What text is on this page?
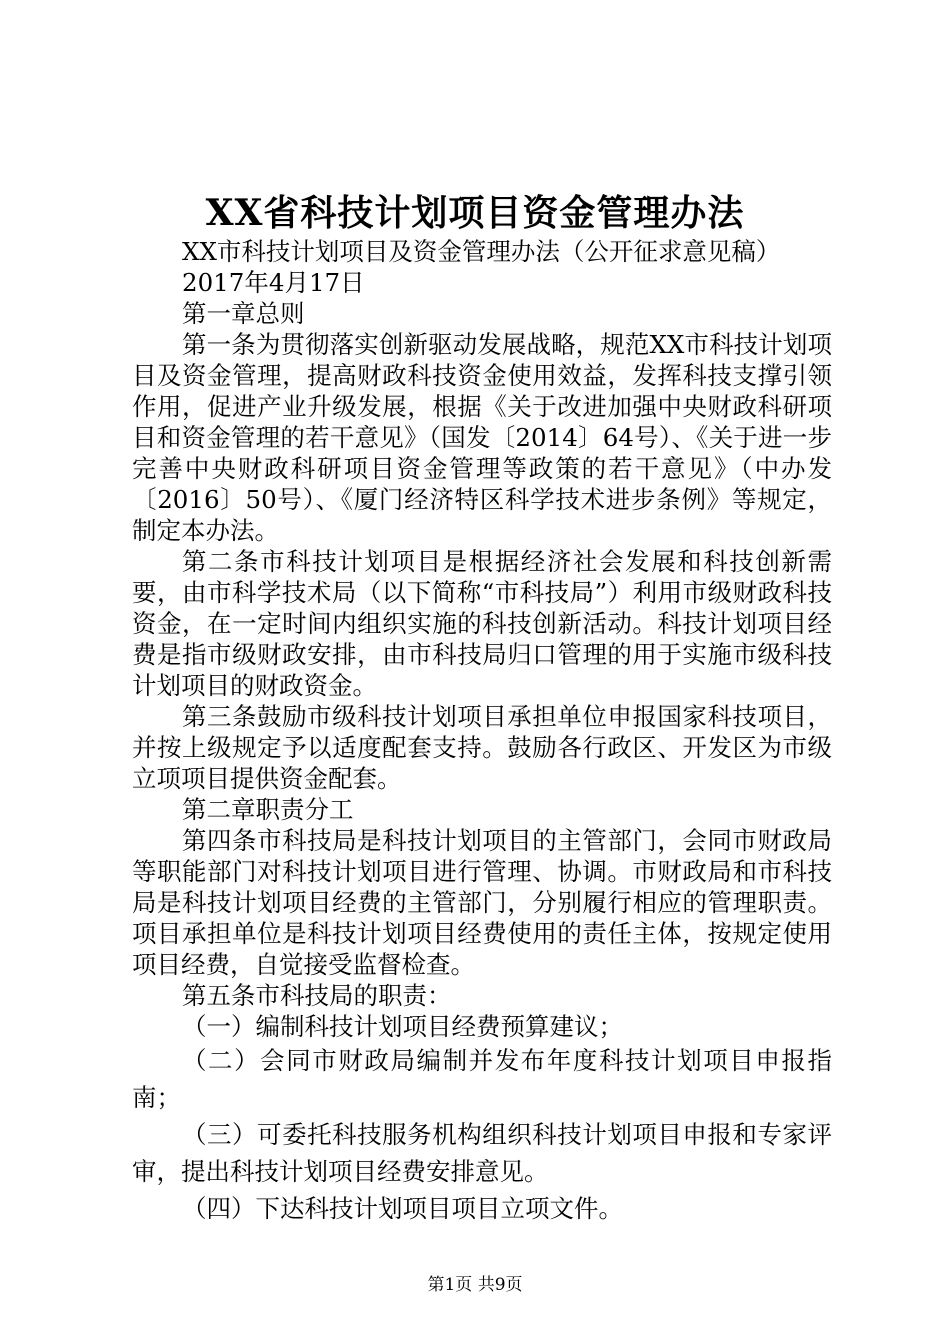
XX省科技计划项目资金管理办法

XX市科技计划项目及资金管理办法（公开征求意见稿）

2017年4月17日

第一章总则

第一条为贯彻落实创新驱动发展战略，规范XX市科技计划项目及资金管理，提高财政科技资金使用效益，发挥科技支撑引领作用，促进产业升级发展，根据《关于改进加强中央财政科研项目和资金管理的若干意见》（国发〔2014〕64号）、《关于进一步完善中央财政科研项目资金管理等政策的若干意见》（中办发〔2016〕50号）、《厦门经济特区科学技术进步条例》等规定，制定本办法。

第二条市科技计划项目是根据经济社会发展和科技创新需要，由市科学技术局（以下简称“市科技局”）利用市级财政科技资金，在一定时间内组织实施的科技创新活动。科技计划项目经费是指市级财政安排，由市科技局归口管理的用于实施市级科技计划项目的财政资金。

第三条鼓励市级科技计划项目承担单位申报国家科技项目，并按上级规定予以适度配套支持。鼓励各行政区、开发区为市级立项项目提供资金配套。

第二章职责分工

第四条市科技局是科技计划项目的主管部门，会同市财政局等职能部门对科技计划项目进行管理、协调。市财政局和市科技局是科技计划项目经费的主管部门，分别履行相应的管理职责。项目承担单位是科技计划项目经费使用的责任主体，按规定使用项目经费，自觉接受监督检查。

第五条市科技局的职责：

（一）编制科技计划项目经费预算建议；

（二）会同市财政局编制并发布年度科技计划项目申报指南；

（三）可委托科技服务机构组织科技计划项目申报和专家评审，提出科技计划项目经费安排意见。

（四）下达科技计划项目项目立项文件。

第1页 共9页
